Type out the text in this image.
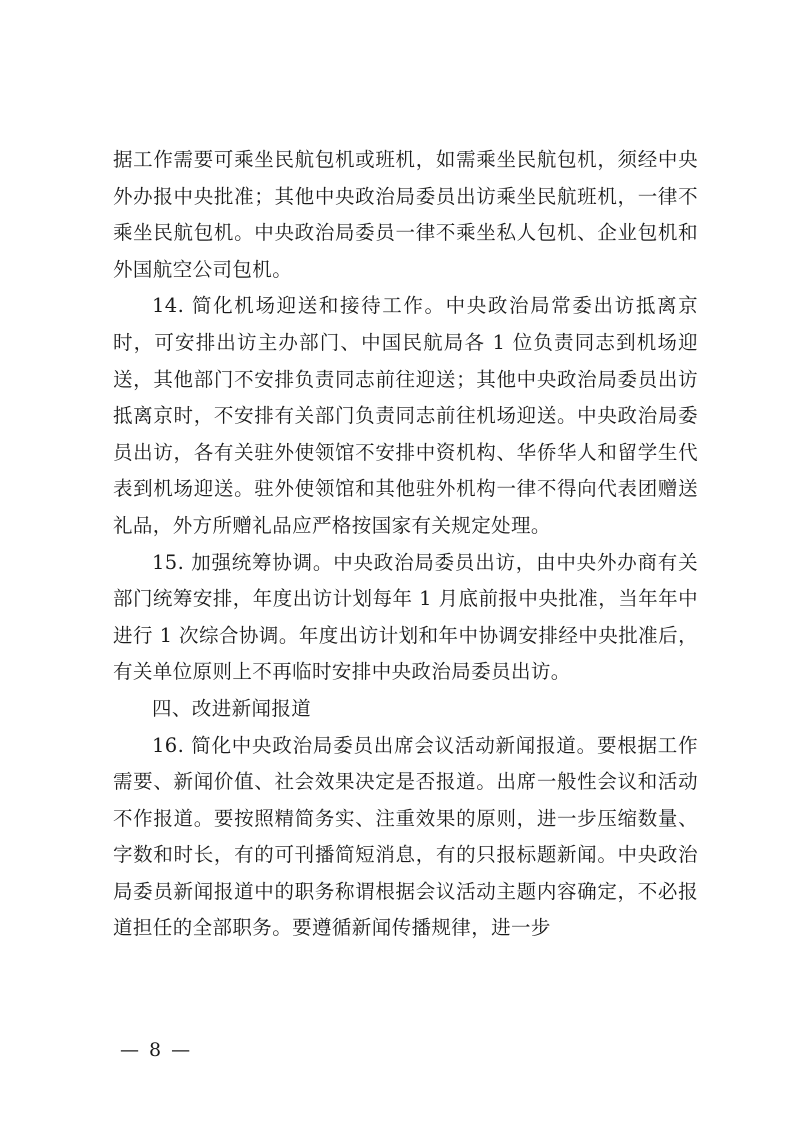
据工作需要可乘坐民航包机或班机，如需乘坐民航包机，须经中央外办报中央批准；其他中央政治局委员出访乘坐民航班机，一律不乘坐民航包机。中央政治局委员一律不乘坐私人包机、企业包机和外国航空公司包机。

14. 简化机场迎送和接待工作。中央政治局常委出访抵离京时，可安排出访主办部门、中国民航局各 1 位负责同志到机场迎送，其他部门不安排负责同志前往迎送；其他中央政治局委员出访抵离京时，不安排有关部门负责同志前往机场迎送。中央政治局委员出访，各有关驻外使领馆不安排中资机构、华侨华人和留学生代表到机场迎送。驻外使领馆和其他驻外机构一律不得向代表团赠送礼品，外方所赠礼品应严格按国家有关规定处理。

15. 加强统筹协调。中央政治局委员出访，由中央外办商有关部门统筹安排，年度出访计划每年 1 月底前报中央批准，当年年中进行 1 次综合协调。年度出访计划和年中协调安排经中央批准后，有关单位原则上不再临时安排中央政治局委员出访。

四、改进新闻报道

16. 简化中央政治局委员出席会议活动新闻报道。要根据工作需要、新闻价值、社会效果决定是否报道。出席一般性会议和活动不作报道。要按照精简务实、注重效果的原则，进一步压缩数量、字数和时长，有的可刊播简短消息，有的只报标题新闻。中央政治局委员新闻报道中的职务称谓根据会议活动主题内容确定，不必报道担任的全部职务。要遵循新闻传播规律，进一步

— 8 —
